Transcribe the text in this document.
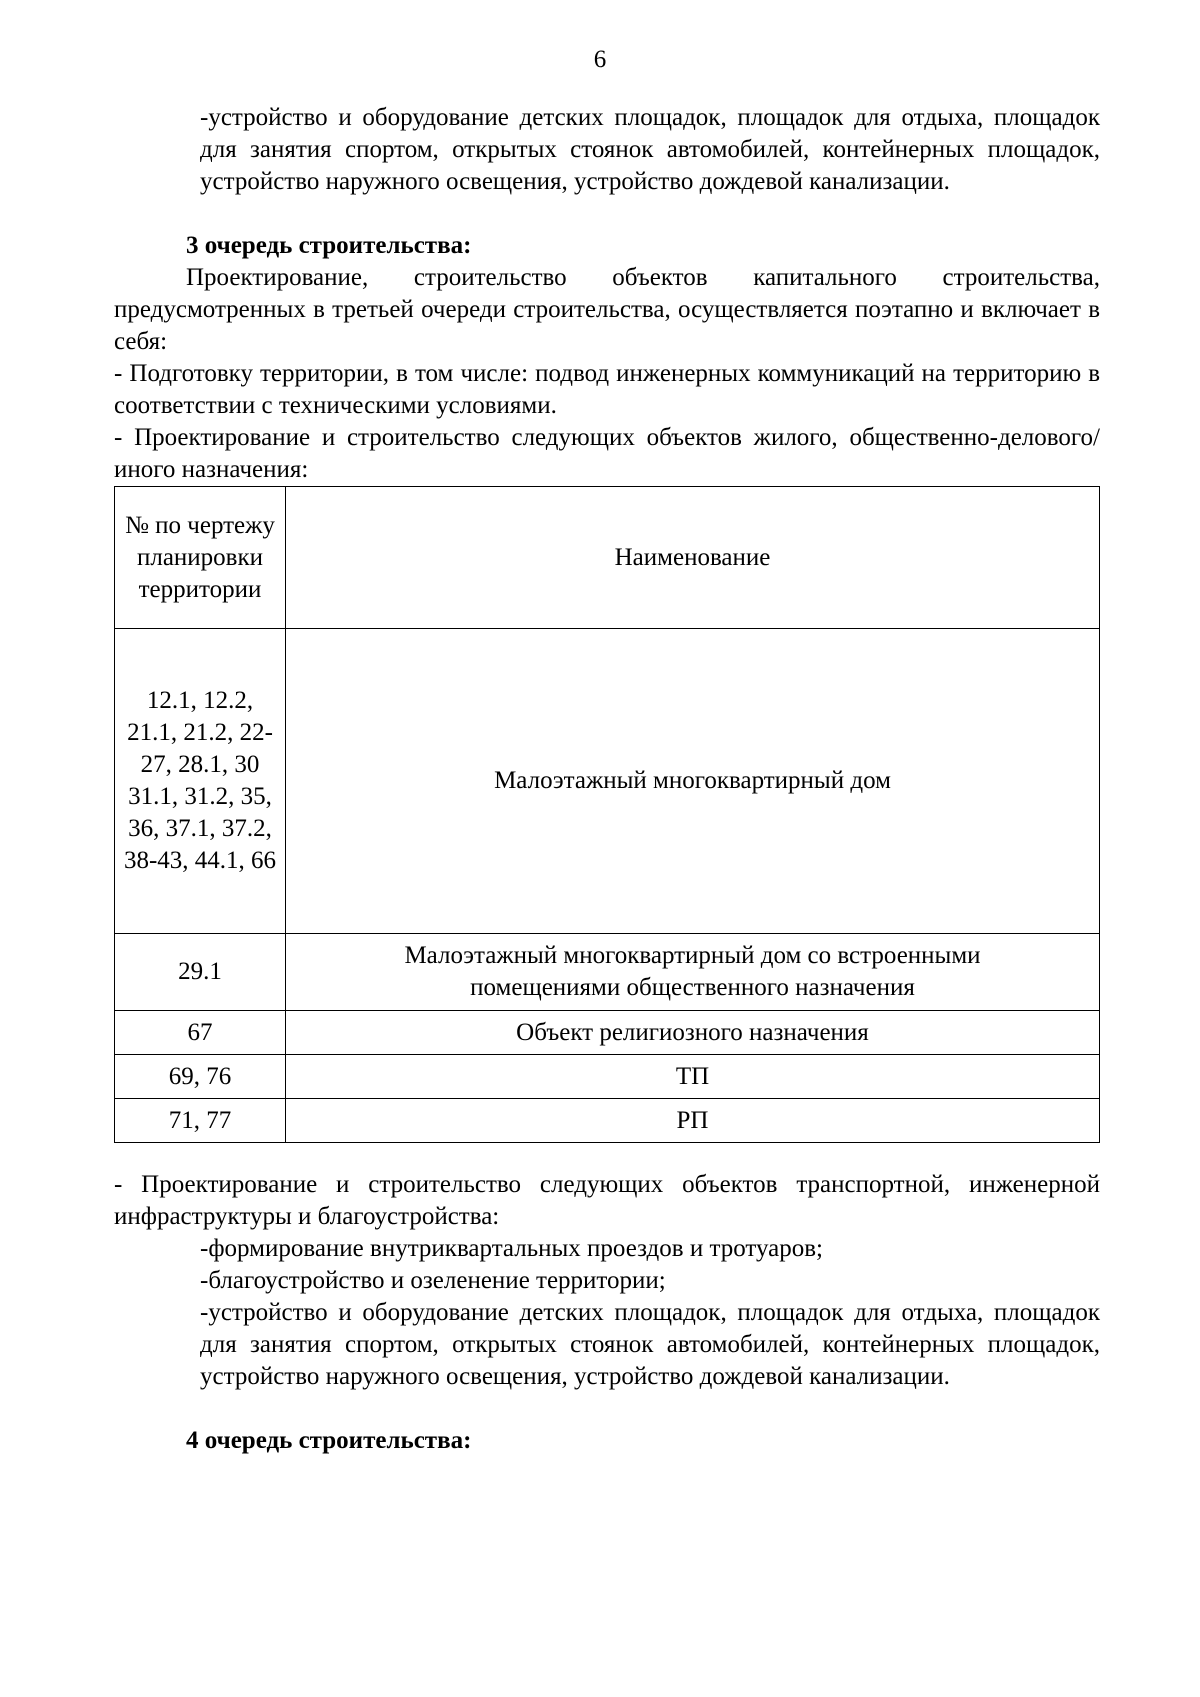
6

-устройство и оборудование детских площадок, площадок для отдыха, площадок для занятия спортом, открытых стоянок автомобилей, контейнерных площадок, устройство наружного освещения, устройство дождевой канализации.

3 очередь строительства:

Проектирование, строительство объектов капитального строительства, предусмотренных в третьей очереди строительства, осуществляется поэтапно и включает в себя:

- Подготовку территории, в том числе: подвод инженерных коммуникаций на территорию в соответствии с техническими условиями.

- Проектирование и строительство следующих объектов жилого, общественно-делового/иного назначения:

№ по чертежу планировки территории	Наименование
12.1, 12.2, 21.1, 21.2, 22-27, 28.1, 30 31.1, 31.2, 35, 36, 37.1, 37.2, 38-43, 44.1, 66	Малоэтажный многоквартирный дом
29.1	Малоэтажный многоквартирный дом со встроенными помещениями общественного назначения
67	Объект религиозного назначения
69, 76	ТП
71, 77	РП

- Проектирование и строительство следующих объектов транспортной, инженерной инфраструктуры и благоустройства:

-формирование внутриквартальных проездов и тротуаров;

-благоустройство и озеленение территории;

-устройство и оборудование детских площадок, площадок для отдыха, площадок для занятия спортом, открытых стоянок автомобилей, контейнерных площадок, устройство наружного освещения, устройство дождевой канализации.

4 очередь строительства:
